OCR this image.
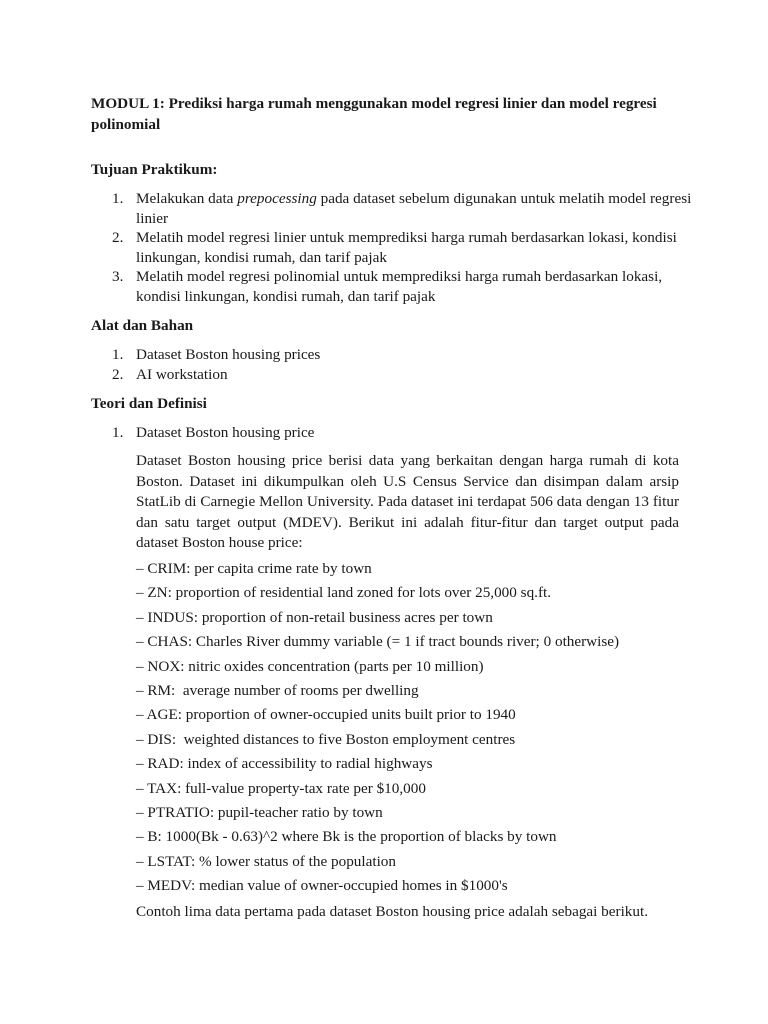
MODUL 1: Prediksi harga rumah menggunakan model regresi linier dan model regresi polinomial
Tujuan Praktikum:
1. Melakukan data prepocessing pada dataset sebelum digunakan untuk melatih model regresi linier
2. Melatih model regresi linier untuk memprediksi harga rumah berdasarkan lokasi, kondisi linkungan, kondisi rumah, dan tarif pajak
3. Melatih model regresi polinomial untuk memprediksi harga rumah berdasarkan lokasi, kondisi linkungan, kondisi rumah, dan tarif pajak
Alat dan Bahan
1. Dataset Boston housing prices
2. AI workstation
Teori dan Definisi
1. Dataset Boston housing price
Dataset Boston housing price berisi data yang berkaitan dengan harga rumah di kota Boston. Dataset ini dikumpulkan oleh U.S Census Service dan disimpan dalam arsip StatLib di Carnegie Mellon University. Pada dataset ini terdapat 506 data dengan 13 fitur dan satu target output (MDEV). Berikut ini adalah fitur-fitur dan target output pada dataset Boston house price:
– CRIM: per capita crime rate by town
– ZN: proportion of residential land zoned for lots over 25,000 sq.ft.
– INDUS: proportion of non-retail business acres per town
– CHAS: Charles River dummy variable (= 1 if tract bounds river; 0 otherwise)
– NOX: nitric oxides concentration (parts per 10 million)
– RM:  average number of rooms per dwelling
– AGE: proportion of owner-occupied units built prior to 1940
– DIS:  weighted distances to five Boston employment centres
– RAD: index of accessibility to radial highways
– TAX: full-value property-tax rate per $10,000
– PTRATIO: pupil-teacher ratio by town
– B: 1000(Bk - 0.63)^2 where Bk is the proportion of blacks by town
– LSTAT: % lower status of the population
– MEDV: median value of owner-occupied homes in $1000's
Contoh lima data pertama pada dataset Boston housing price adalah sebagai berikut.
